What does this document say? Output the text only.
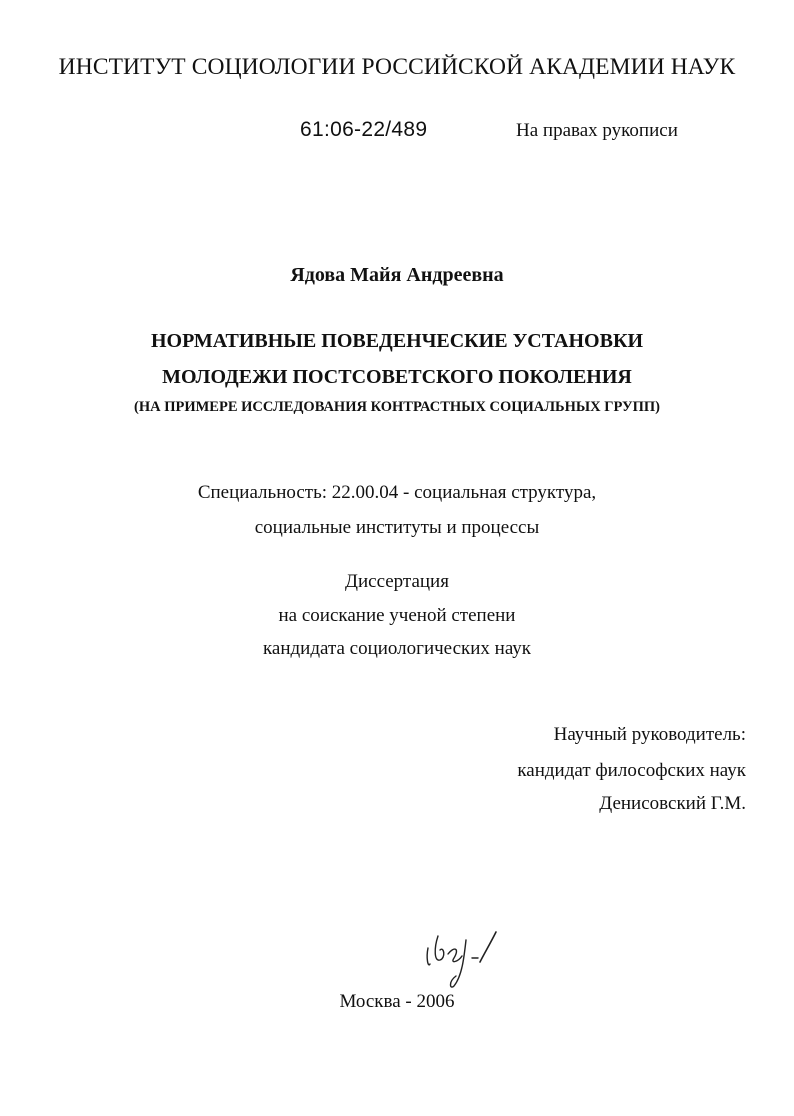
ИНСТИТУТ СОЦИОЛОГИИ РОССИЙСКОЙ АКАДЕМИИ НАУК
61:06-22/489	На правах рукописи
Ядова Майя Андреевна
НОРМАТИВНЫЕ ПОВЕДЕНЧЕСКИЕ УСТАНОВКИ
МОЛОДЕЖИ ПОСТСОВЕТСКОГО ПОКОЛЕНИЯ
(НА ПРИМЕРЕ ИССЛЕДОВАНИЯ КОНТРАСТНЫХ СОЦИАЛЬНЫХ ГРУПП)
Специальность: 22.00.04 - социальная структура,
социальные институты и процессы
Диссертация
на соискание ученой степени
кандидата социологических наук
Научный руководитель:
кандидат философских наук
Денисовский Г.М.
Москва - 2006
